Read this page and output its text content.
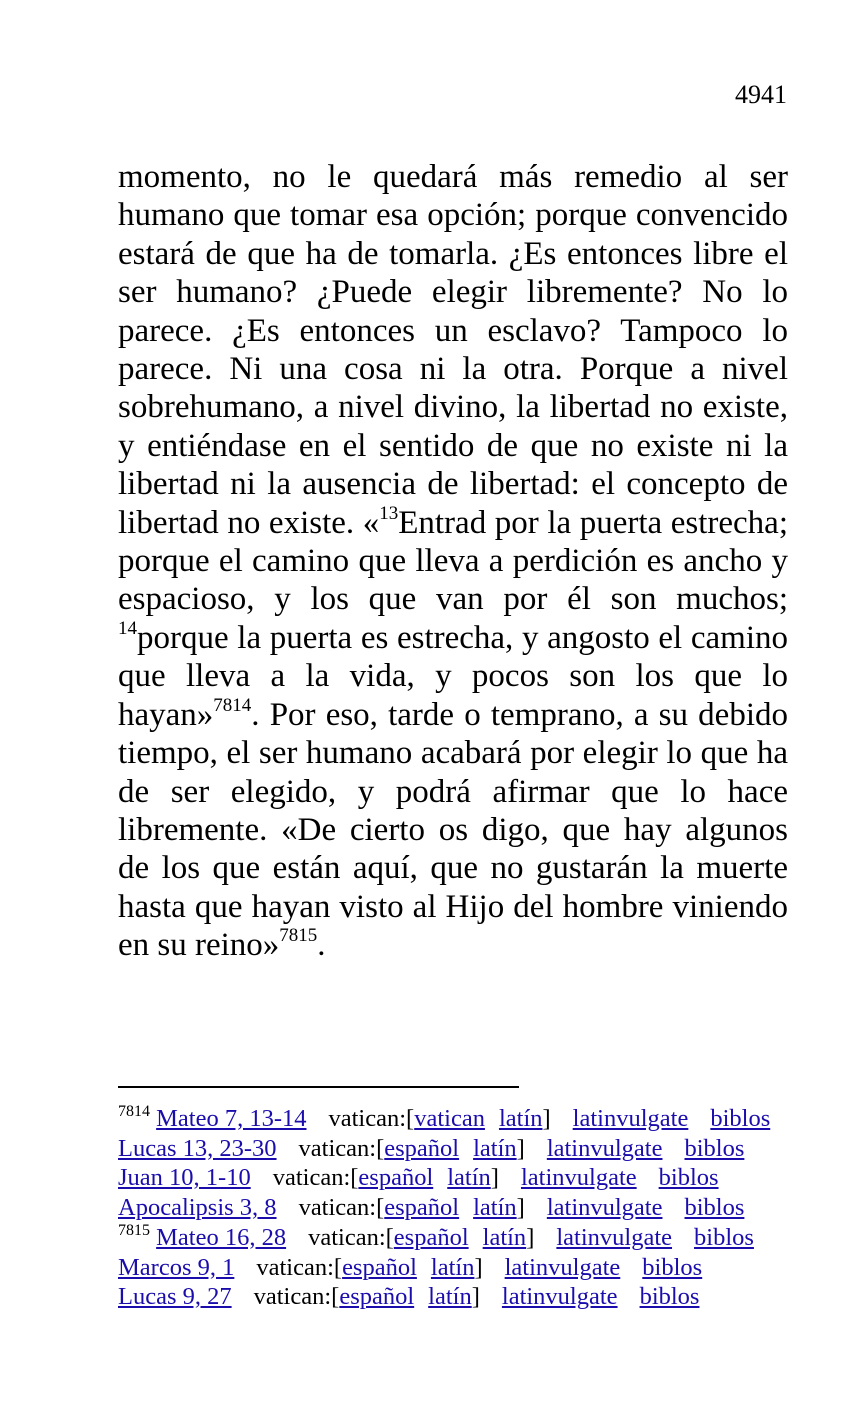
4941

momento, no le quedará más remedio al ser humano que tomar esa opción; porque convencido estará de que ha de tomarla. ¿Es entonces libre el ser humano? ¿Puede elegir libremente? No lo parece. ¿Es entonces un esclavo? Tampoco lo parece. Ni una cosa ni la otra. Porque a nivel sobrehumano, a nivel divino, la libertad no existe, y entiéndase en el sentido de que no existe ni la libertad ni la ausencia de libertad: el concepto de libertad no existe. «$^{13}$Entrad por la puerta estrecha; porque el camino que lleva a perdición es ancho y espacioso, y los que van por él son muchos; $^{14}$porque la puerta es estrecha, y angosto el camino que lleva a la vida, y pocos son los que lo hayan»$^{7814}$. Por eso, tarde o temprano, a su debido tiempo, el ser humano acabará por elegir lo que ha de ser elegido, y podrá afirmar que lo hace libremente. «De cierto os digo, que hay algunos de los que están aquí, que no gustarán la muerte hasta que hayan visto al Hijo del hombre viniendo en su reino»$^{7815}$.

$^{7814}$ Mateo 7, 13-14 vatican:[vatican latín] latinvulgate biblos
Lucas 13, 23-30 vatican:[español latín] latinvulgate biblos
Juan 10, 1-10 vatican:[español latín] latinvulgate biblos
Apocalipsis 3, 8 vatican:[español latín] latinvulgate biblos
$^{7815}$ Mateo 16, 28 vatican:[español latín] latinvulgate biblos
Marcos 9, 1 vatican:[español latín] latinvulgate biblos
Lucas 9, 27 vatican:[español latín] latinvulgate biblos
